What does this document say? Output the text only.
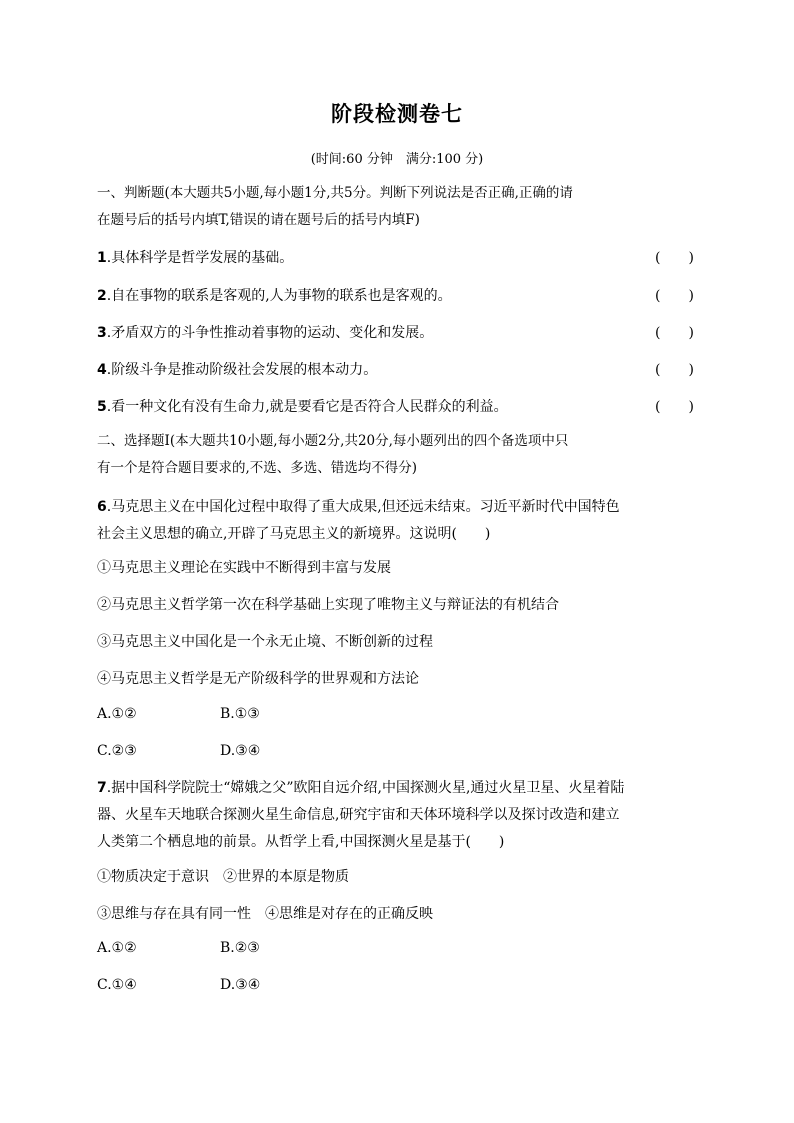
阶段检测卷七
(时间:60 分钟　满分:100 分)
一、判断题(本大题共5小题,每小题1分,共5分。判断下列说法是否正确,正确的请
在题号后的括号内填T,错误的请在题号后的括号内填F)
1.具体科学是哲学发展的基础。	(　　)
2.自在事物的联系是客观的,人为事物的联系也是客观的。	(　　)
3.矛盾双方的斗争性推动着事物的运动、变化和发展。	(　　)
4.阶级斗争是推动阶级社会发展的根本动力。	(　　)
5.看一种文化有没有生命力,就是要看它是否符合人民群众的利益。	(　　)
二、选择题Ⅰ(本大题共10小题,每小题2分,共20分,每小题列出的四个备选项中只
有一个是符合题目要求的,不选、多选、错选均不得分)
6.马克思主义在中国化过程中取得了重大成果,但还远未结束。习近平新时代中国特色
社会主义思想的确立,开辟了马克思主义的新境界。这说明(　　)
①马克思主义理论在实践中不断得到丰富与发展
②马克思主义哲学第一次在科学基础上实现了唯物主义与辩证法的有机结合
③马克思主义中国化是一个永无止境、不断创新的过程
④马克思主义哲学是无产阶级科学的世界观和方法论
A.①②	B.①③
C.②③	D.③④
7.据中国科学院院士“嫦娥之父”欧阳自远介绍,中国探测火星,通过火星卫星、火星着陆
器、火星车天地联合探测火星生命信息,研究宇宙和天体环境科学以及探讨改造和建立
人类第二个栖息地的前景。从哲学上看,中国探测火星是基于(　　)
①物质决定于意识　②世界的本原是物质
③思维与存在具有同一性　④思维是对存在的正确反映
A.①②	B.②③
C.①④	D.③④
